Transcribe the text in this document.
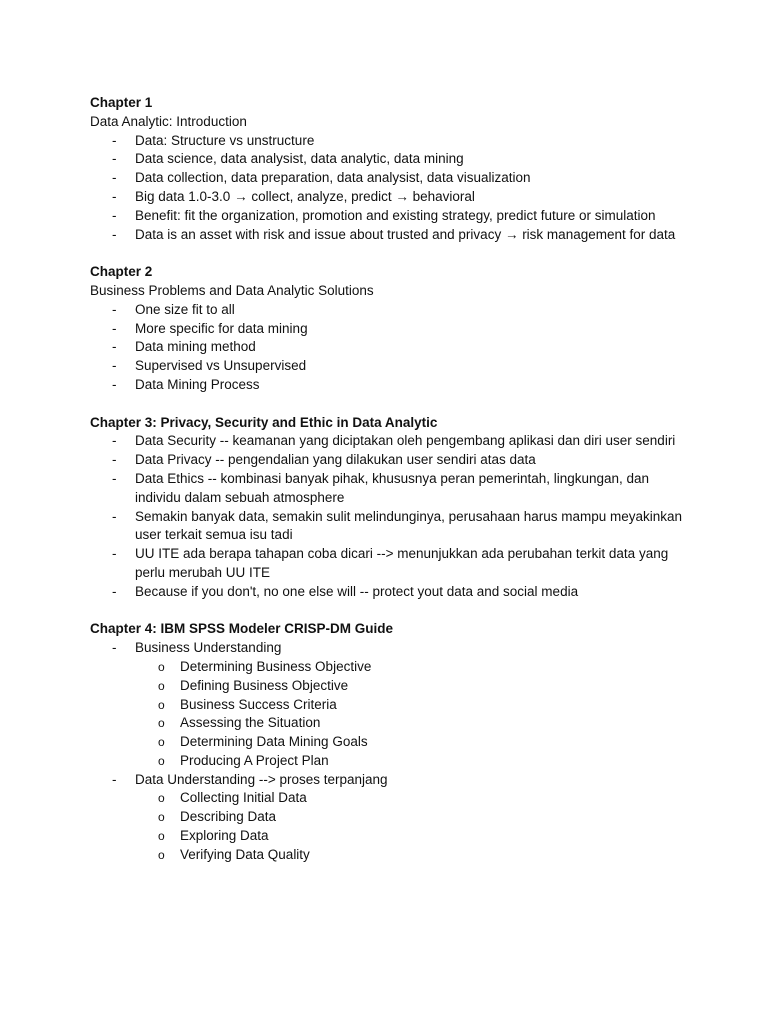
Chapter 1
Data Analytic: Introduction
- Data: Structure vs unstructure
- Data science, data analysist, data analytic, data mining
- Data collection, data preparation, data analysist, data visualization
- Big data 1.0-3.0 → collect, analyze, predict → behavioral
- Benefit: fit the organization, promotion and existing strategy, predict future or simulation
- Data is an asset with risk and issue about trusted and privacy → risk management for data
Chapter 2
Business Problems and Data Analytic Solutions
- One size fit to all
- More specific for data mining
- Data mining method
- Supervised vs Unsupervised
- Data Mining Process
Chapter 3: Privacy, Security and Ethic in Data Analytic
- Data Security -- keamanan yang diciptakan oleh pengembang aplikasi dan diri user sendiri
- Data Privacy -- pengendalian yang dilakukan user sendiri atas data
- Data Ethics -- kombinasi banyak pihak, khususnya peran pemerintah, lingkungan, dan individu dalam sebuah atmosphere
- Semakin banyak data, semakin sulit melindunginya, perusahaan harus mampu meyakinkan user terkait semua isu tadi
- UU ITE ada berapa tahapan coba dicari --> menunjukkan ada perubahan terkit data yang perlu merubah UU ITE
- Because if you don't, no one else will -- protect yout data and social media
Chapter 4: IBM SPSS Modeler CRISP-DM Guide
- Business Understanding
o Determining Business Objective
o Defining Business Objective
o Business Success Criteria
o Assessing the Situation
o Determining Data Mining Goals
o Producing A Project Plan
- Data Understanding --> proses terpanjang
o Collecting Initial Data
o Describing Data
o Exploring Data
o Verifying Data Quality
